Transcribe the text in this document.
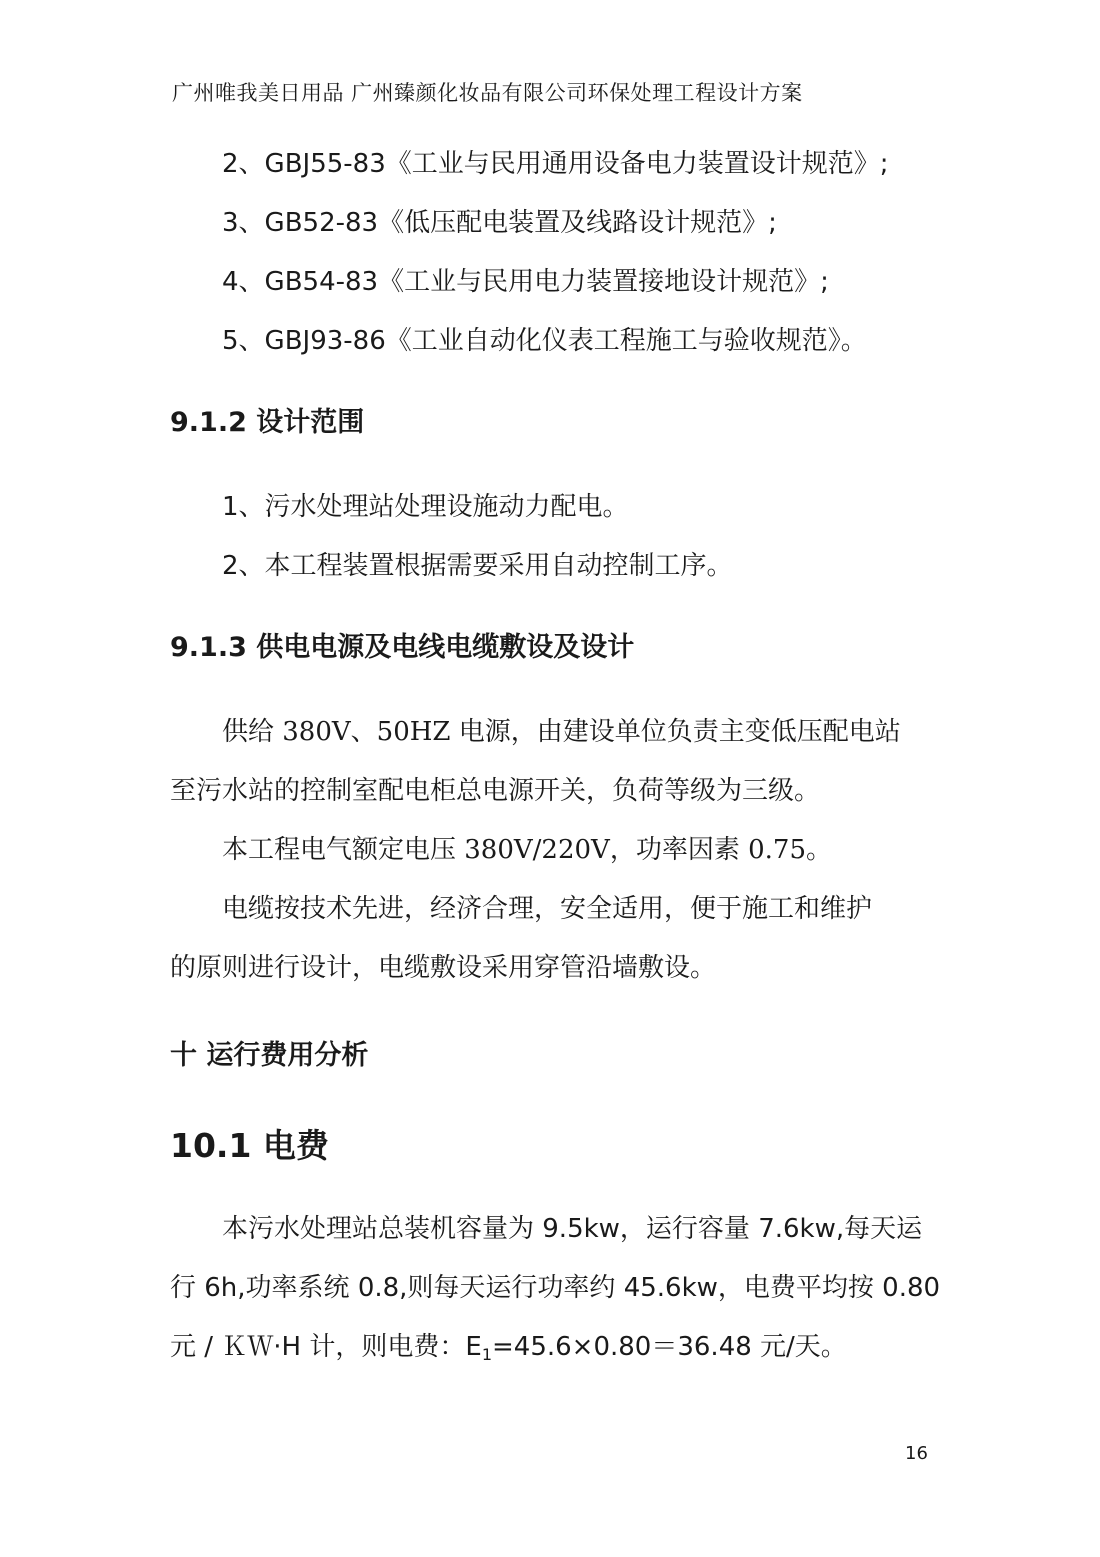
广州唯我美日用品 广州臻颜化妆品有限公司环保处理工程设计方案
2、GBJ55-83《工业与民用通用设备电力装置设计规范》;
3、GB52-83《低压配电装置及线路设计规范》;
4、GB54-83《工业与民用电力装置接地设计规范》;
5、GBJ93-86《工业自动化仪表工程施工与验收规范》。
9.1.2 设计范围
1、污水处理站处理设施动力配电。
2、本工程装置根据需要采用自动控制工序。
9.1.3 供电电源及电线电缆敷设及设计
供给 380V、50HZ 电源，由建设单位负责主变低压配电站
至污水站的控制室配电柜总电源开关，负荷等级为三级。
本工程电气额定电压 380V/220V，功率因素 0.75。
电缆按技术先进，经济合理，安全适用，便于施工和维护
的原则进行设计，电缆敷设采用穿管沿墙敷设。
十 运行费用分析
10.1 电费
本污水处理站总装机容量为 9.5kw，运行容量 7.6kw,每天运
行 6h,功率系统 0.8,则每天运行功率约 45.6kw，电费平均按 0.80
元 / ＫＷ·H 计，则电费：$E_1=45.6\times 0.80=36.48$ 元/天。
16
